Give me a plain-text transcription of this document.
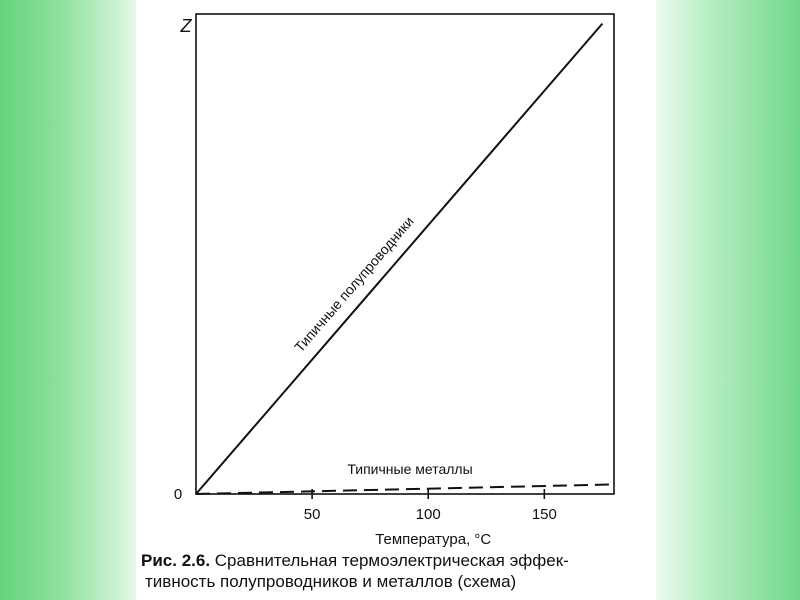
50	100	150
0
Z
Температура, °C
Типичные полупроводники
Типичные металлы
Рис. 2.6. Сравнительная термоэлектрическая эффек-
тивность полупроводников и металлов (схема)
